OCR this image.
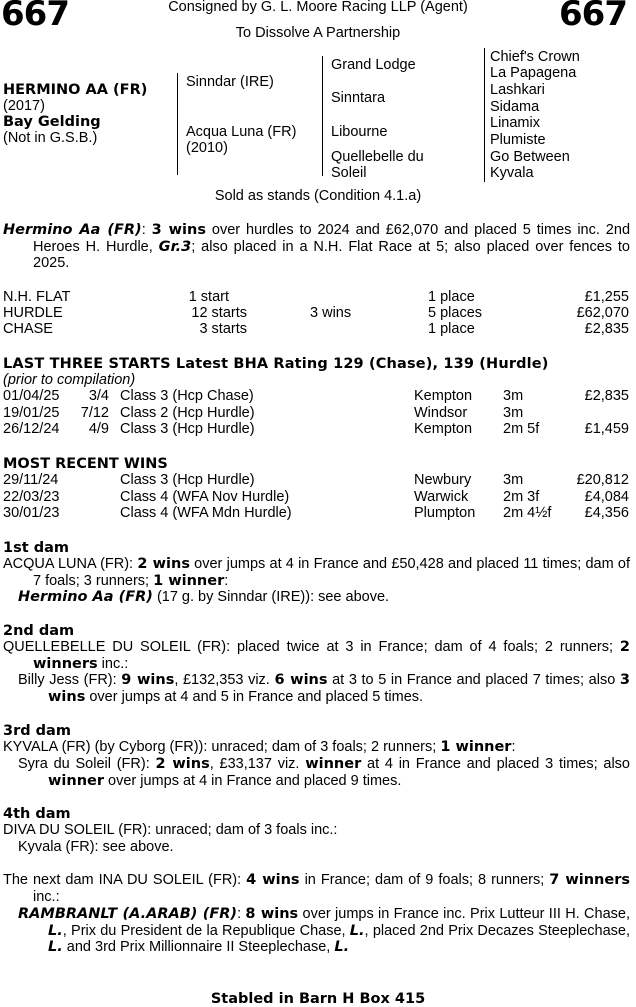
667	667
Consigned by G. L. Moore Racing LLP (Agent)
To Dissolve A Partnership
HERMINO AA (FR)
(2017)
Bay Gelding
(Not in G.S.B.)
Sinndar (IRE)
Acqua Luna (FR)
(2010)
Grand Lodge
Sinntara
Libourne
Quellebelle du
Soleil
Chief's Crown
La Papagena
Lashkari
Sidama
Linamix
Plumiste
Go Between
Kyvala
Sold as stands (Condition 4.1.a)
Hermino Aa (FR): 3 wins over hurdles to 2024 and £62,070 and placed 5 times inc. 2nd Heroes H. Hurdle, Gr.3; also placed in a N.H. Flat Race at 5; also placed over fences to 2025.
N.H. FLAT	1 start	1 place	£1,255
HURDLE	12 starts	3 wins	5 places	£62,070
CHASE	3 starts	1 place	£2,835
LAST THREE STARTS Latest BHA Rating 129 (Chase), 139 (Hurdle)
(prior to compilation)
01/04/25 3/4 Class 3 (Hcp Chase)	Kempton 3m	£2,835
19/01/25 7/12 Class 2 (Hcp Hurdle)	Windsor 3m
26/12/24 4/9 Class 3 (Hcp Hurdle)	Kempton 2m 5f	£1,459
MOST RECENT WINS
29/11/24	Class 3 (Hcp Hurdle)	Newbury 3m	£20,812
22/03/23	Class 4 (WFA Nov Hurdle)	Warwick 2m 3f	£4,084
30/01/23	Class 4 (WFA Mdn Hurdle)	Plumpton 2m 4½f £4,356
1st dam
ACQUA LUNA (FR): 2 wins over jumps at 4 in France and £50,428 and placed 11 times; dam of 7 foals; 3 runners; 1 winner:
Hermino Aa (FR) (17 g. by Sinndar (IRE)): see above.
2nd dam
QUELLEBELLE DU SOLEIL (FR): placed twice at 3 in France; dam of 4 foals; 2 runners; 2 winners inc.:
Billy Jess (FR): 9 wins, £132,353 viz. 6 wins at 3 to 5 in France and placed 7 times; also 3 wins over jumps at 4 and 5 in France and placed 5 times.
3rd dam
KYVALA (FR) (by Cyborg (FR)): unraced; dam of 3 foals; 2 runners; 1 winner:
Syra du Soleil (FR): 2 wins, £33,137 viz. winner at 4 in France and placed 3 times; also winner over jumps at 4 in France and placed 9 times.
4th dam
DIVA DU SOLEIL (FR): unraced; dam of 3 foals inc.:
Kyvala (FR): see above.
The next dam INA DU SOLEIL (FR): 4 wins in France; dam of 9 foals; 8 runners; 7 winners inc.:
RAMBRANLT (A.ARAB) (FR): 8 wins over jumps in France inc. Prix Lutteur III H. Chase, L., Prix du President de la Republique Chase, L., placed 2nd Prix Decazes Steeplechase, L. and 3rd Prix Millionnaire II Steeplechase, L.
Stabled in Barn H Box 415
